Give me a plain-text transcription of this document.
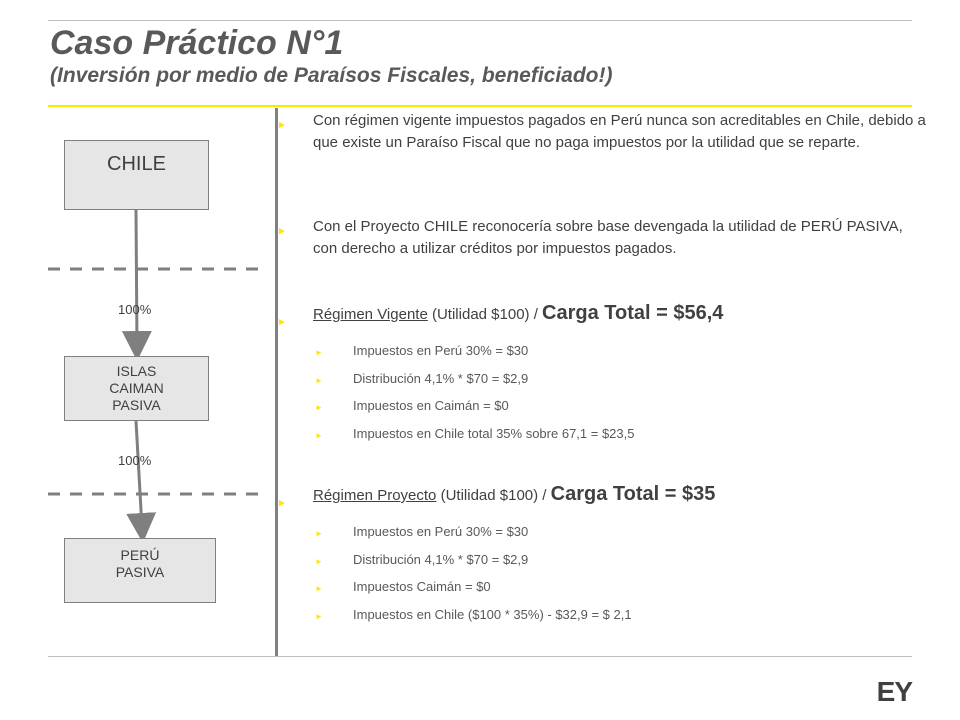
Caso Práctico N°1
(Inversión por medio de Paraísos Fiscales, beneficiado!)
CHILE
100%
ISLAS
CAIMAN
PASIVA
100%
PERÚ
PASIVA
► Con régimen vigente impuestos pagados en Perú nunca son acreditables en Chile, debido a que existe un Paraíso Fiscal que no paga impuestos por la utilidad que se reparte.
► Con el Proyecto CHILE reconocería sobre base devengada la utilidad de PERÚ PASIVA, con derecho a utilizar créditos por impuestos pagados.
► Régimen Vigente (Utilidad $100) / Carga Total = $56,4
► Impuestos en Perú 30% = $30
► Distribución 4,1% * $70 = $2,9
► Impuestos en Caimán = $0
► Impuestos en Chile total 35% sobre 67,1 = $23,5
► Régimen Proyecto (Utilidad $100) / Carga Total = $35
► Impuestos en Perú 30% = $30
► Distribución 4,1% * $70 = $2,9
► Impuestos Caimán = $0
► Impuestos en Chile ($100 * 35%) - $32,9 = $ 2,1
EY
